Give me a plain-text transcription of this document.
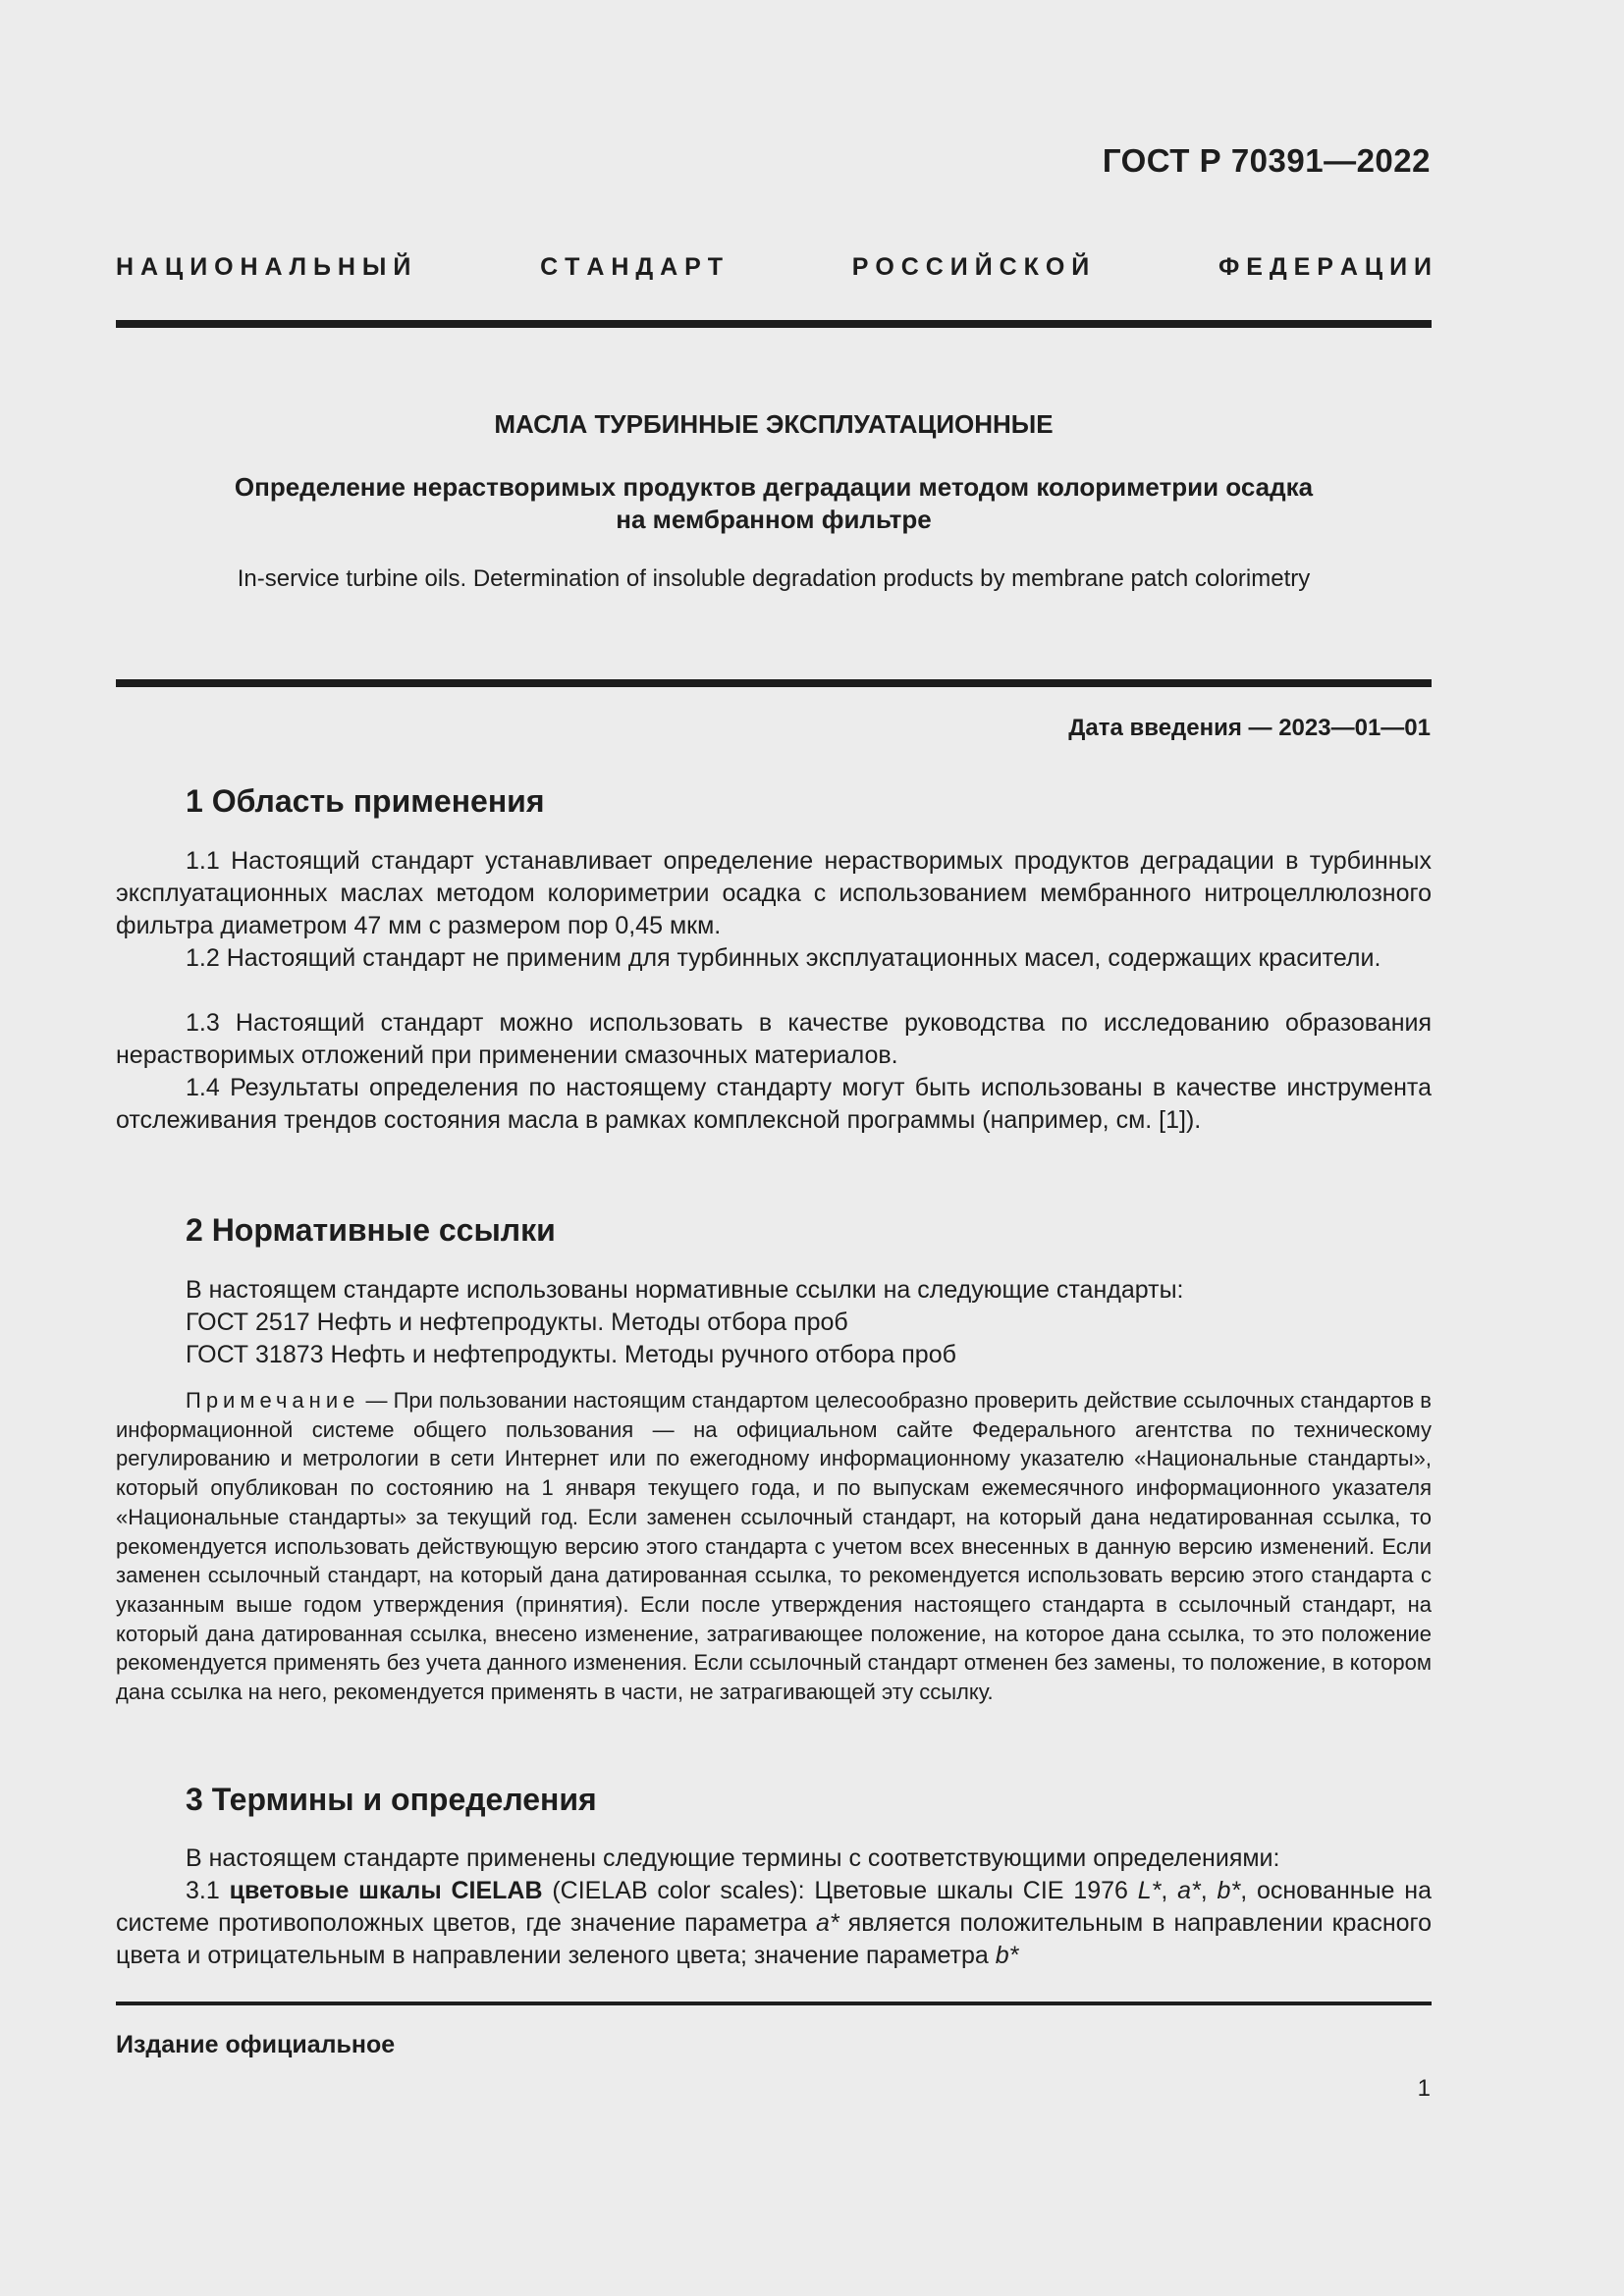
ГОСТ Р 70391—2022
Н А Ц И О Н А Л Ь Н Ы Й	С Т А Н Д А Р Т	Р О С С И Й С К О Й	Ф Е Д Е Р А Ц И И
МАСЛА ТУРБИННЫЕ ЭКСПЛУАТАЦИОННЫЕ
Определение нерастворимых продуктов деградации методом колориметрии осадка
на мембранном фильтре
In-service turbine oils. Determination of insoluble degradation products by membrane patch colorimetry
Дата введения — 2023—01—01
1 Область применения
1.1 Настоящий стандарт устанавливает определение нерастворимых продуктов деградации в турбинных эксплуатационных маслах методом колориметрии осадка с использованием мембранного нитроцеллюлозного фильтра диаметром 47 мм с размером пор 0,45 мкм.
1.2 Настоящий стандарт не применим для турбинных эксплуатационных масел, содержащих красители.
1.3 Настоящий стандарт можно использовать в качестве руководства по исследованию образования нерастворимых отложений при применении смазочных материалов.
1.4 Результаты определения по настоящему стандарту могут быть использованы в качестве инструмента отслеживания трендов состояния масла в рамках комплексной программы (например, см. [1]).
2 Нормативные ссылки
В настоящем стандарте использованы нормативные ссылки на следующие стандарты:
ГОСТ 2517 Нефть и нефтепродукты. Методы отбора проб
ГОСТ 31873 Нефть и нефтепродукты. Методы ручного отбора проб
Примечание — При пользовании настоящим стандартом целесообразно проверить действие ссылочных стандартов в информационной системе общего пользования — на официальном сайте Федерального агентства по техническому регулированию и метрологии в сети Интернет или по ежегодному информационному указателю «Национальные стандарты», который опубликован по состоянию на 1 января текущего года, и по выпускам ежемесячного информационного указателя «Национальные стандарты» за текущий год. Если заменен ссылочный стандарт, на который дана недатированная ссылка, то рекомендуется использовать действующую версию этого стандарта с учетом всех внесенных в данную версию изменений. Если заменен ссылочный стандарт, на который дана датированная ссылка, то рекомендуется использовать версию этого стандарта с указанным выше годом утверждения (принятия). Если после утверждения настоящего стандарта в ссылочный стандарт, на который дана датированная ссылка, внесено изменение, затрагивающее положение, на которое дана ссылка, то это положение рекомендуется применять без учета данного изменения. Если ссылочный стандарт отменен без замены, то положение, в котором дана ссылка на него, рекомендуется применять в части, не затрагивающей эту ссылку.
3 Термины и определения
В настоящем стандарте применены следующие термины с соответствующими определениями:
3.1 цветовые шкалы CIELAB (CIELAB color scales): Цветовые шкалы CIE 1976 L*, a*, b*, основанные на системе противоположных цветов, где значение параметра a* является положительным в направлении красного цвета и отрицательным в направлении зеленого цвета; значение параметра b*
Издание официальное
1
